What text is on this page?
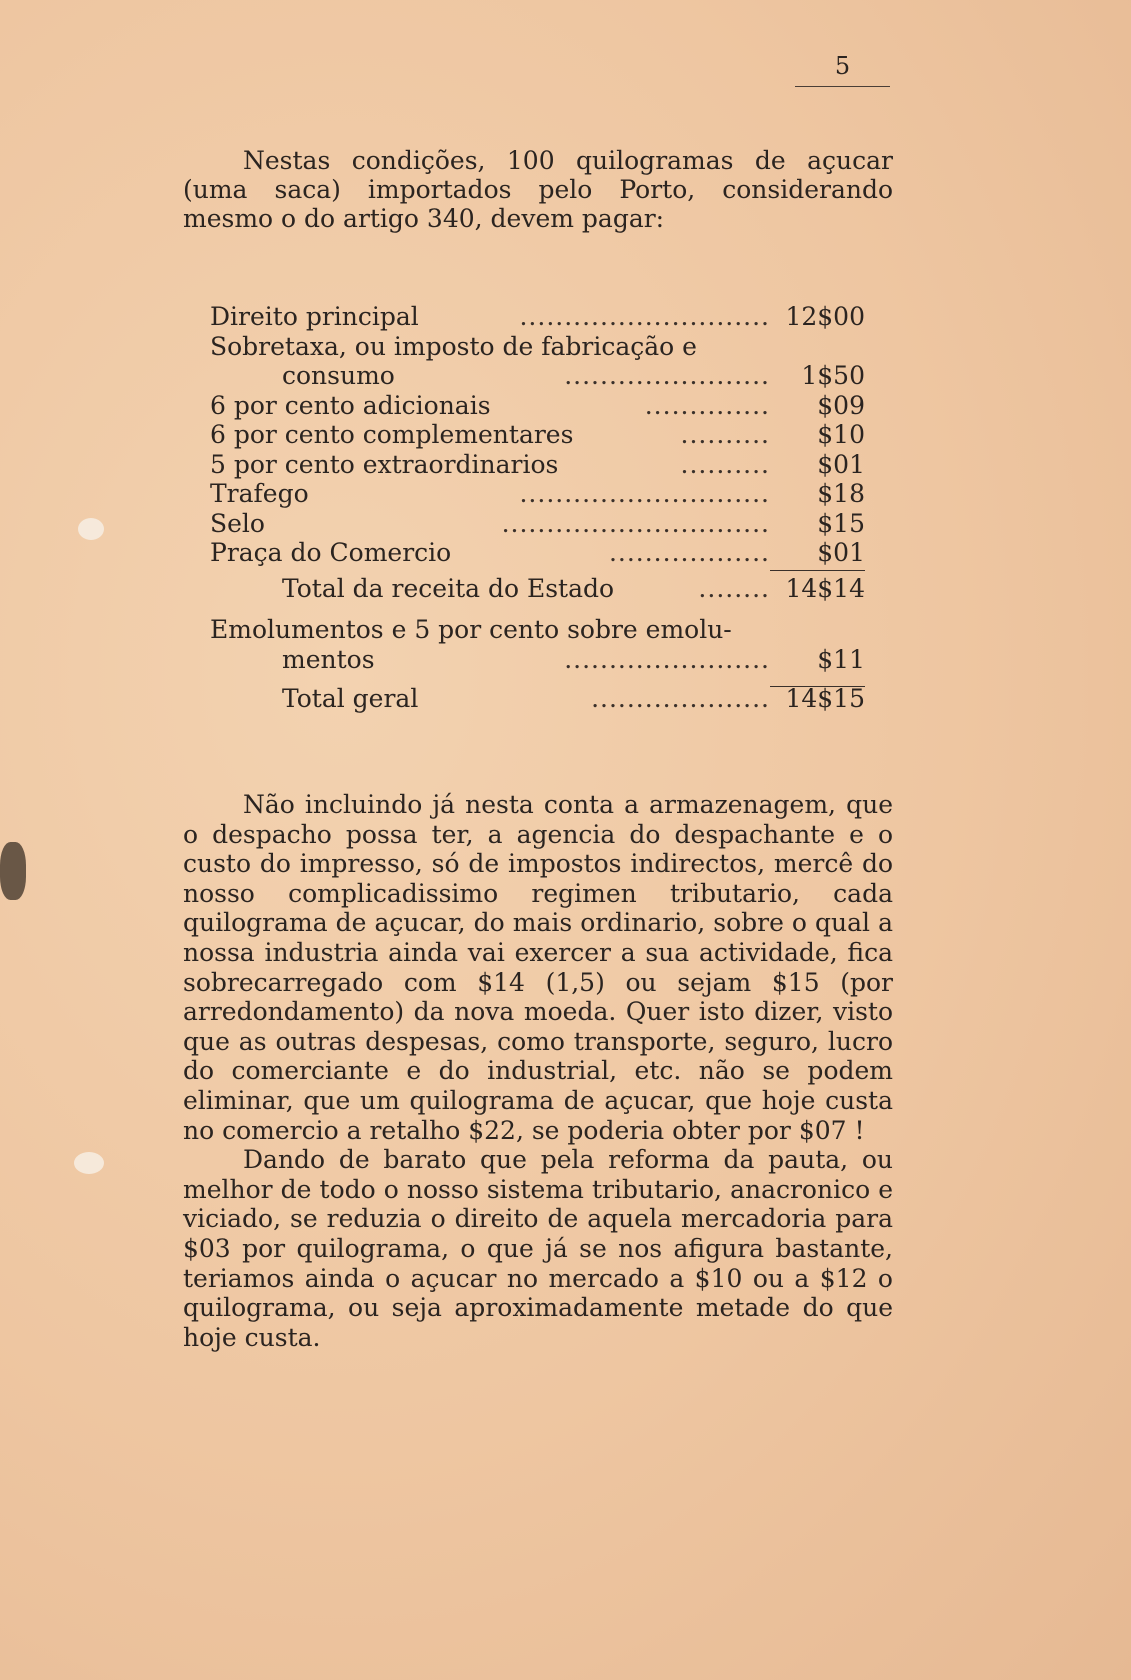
5

Nestas condições, 100 quilogramas de açucar (uma saca) importados pelo Porto, considerando mesmo o do artigo 340, devem pagar:

Direito principal	............................ 12$00
Sobretaxa, ou imposto de fabricação e
consumo	.......................	1$50
6 por cento adicionais	..............	$09
6 por cento complementares	..........	$10
5 por cento extraordinarios	..........	$01
Trafego	............................	$18
Selo	..............................	$15
Praça do Comercio	..................	$01
Total da receita do Estado	........ 14$14
Emolumentos e 5 por cento sobre emolu-
mentos	.......................	$11
Total geral	.................... 14$15

Não incluindo já nesta conta a armazenagem, que o despacho possa ter, a agencia do despachante e o custo do impresso, só de impostos indirectos, mercê do nosso complicadissimo regimen tributario, cada quilograma de açucar, do mais ordinario, sobre o qual a nossa industria ainda vai exercer a sua actividade, fica sobrecarregado com $14 (1,5) ou sejam $15 (por arredondamento) da nova moeda. Quer isto dizer, visto que as outras despesas, como transporte, seguro, lucro do comerciante e do industrial, etc. não se podem eliminar, que um quilograma de açucar, que hoje custa no comercio a retalho $22, se poderia obter por $07 !

Dando de barato que pela reforma da pauta, ou melhor de todo o nosso sistema tributario, anacronico e viciado, se reduzia o direito de aquela mercadoria para $03 por quilograma, o que já se nos afigura bastante, teriamos ainda o açucar no mercado a $10 ou a $12 o quilograma, ou seja aproximadamente metade do que hoje custa.
